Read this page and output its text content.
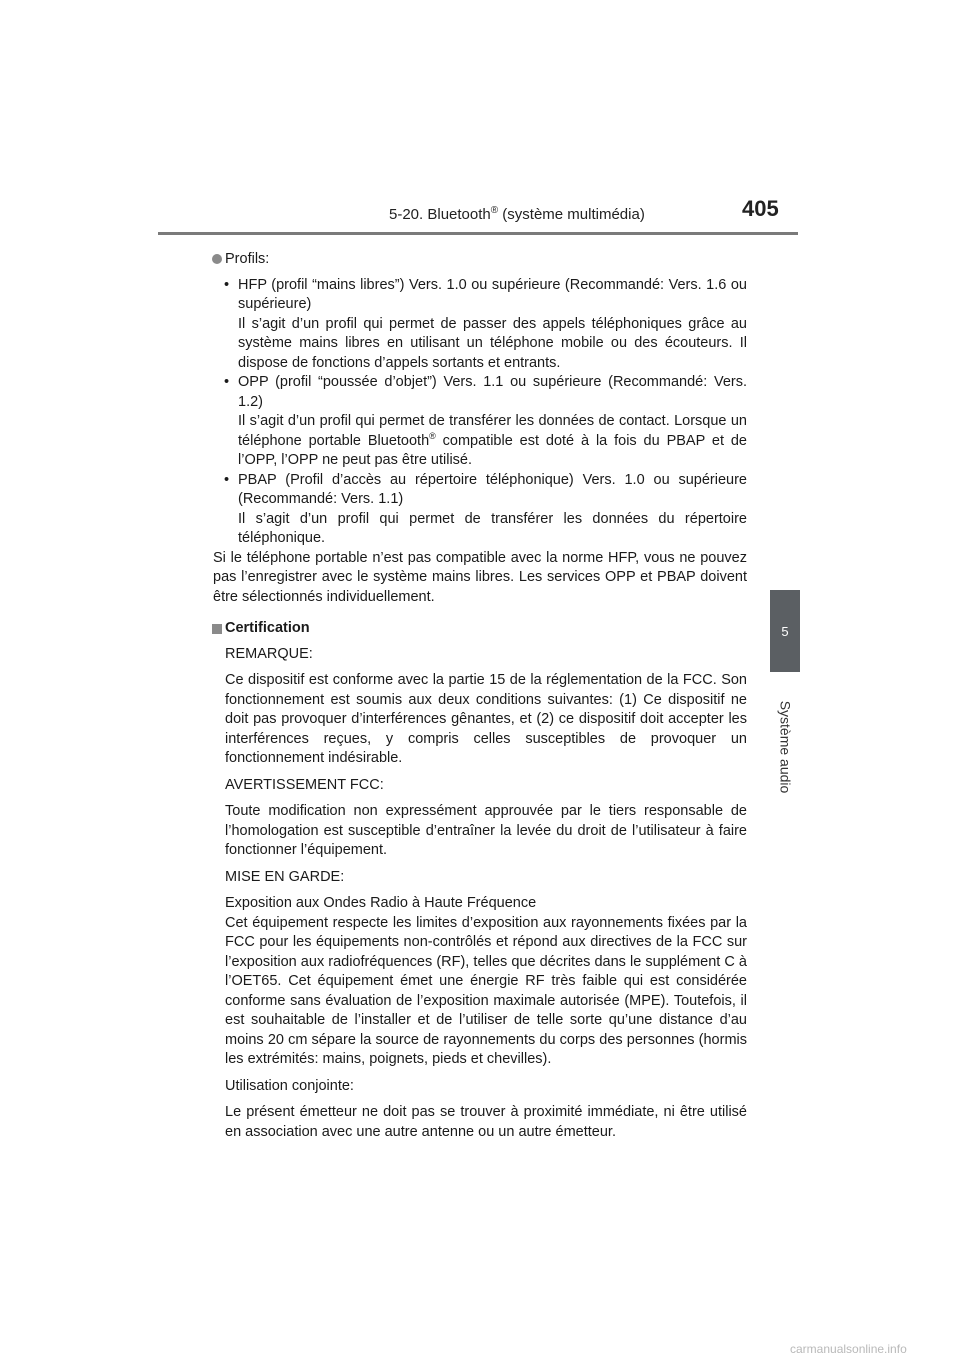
5-20. Bluetooth® (système multimédia)	405
5
Système audio
Profils:
• HFP (profil “mains libres”) Vers. 1.0 ou supérieure (Recommandé: Vers. 1.6 ou supérieure)

Il s’agit d’un profil qui permet de passer des appels téléphoniques grâce au système mains libres en utilisant un téléphone mobile ou des écouteurs. Il dispose de fonctions d’appels sortants et entrants.

• OPP (profil “poussée d’objet”) Vers. 1.1 ou supérieure (Recommandé: Vers. 1.2)

Il s’agit d’un profil qui permet de transférer les données de contact. Lorsque un téléphone portable Bluetooth® compatible est doté à la fois du PBAP et de l’OPP, l’OPP ne peut pas être utilisé.

• PBAP (Profil d’accès au répertoire téléphonique) Vers. 1.0 ou supérieure (Recommandé: Vers. 1.1)

Il s’agit d’un profil qui permet de transférer les données du répertoire téléphonique.

Si le téléphone portable n’est pas compatible avec la norme HFP, vous ne pouvez pas l’enregistrer avec le système mains libres. Les services OPP et PBAP doivent être sélectionnés individuellement.

Certification

REMARQUE:

Ce dispositif est conforme avec la partie 15 de la réglementation de la FCC. Son fonctionnement est soumis aux deux conditions suivantes: (1) Ce dispositif ne doit pas provoquer d’interférences gênantes, et (2) ce dispositif doit accepter les interférences reçues, y compris celles susceptibles de provoquer un fonctionnement indésirable.

AVERTISSEMENT FCC:

Toute modification non expressément approuvée par le tiers responsable de l’homologation est susceptible d’entraîner la levée du droit de l’utilisateur à faire fonctionner l’équipement.

MISE EN GARDE:

Exposition aux Ondes Radio à Haute Fréquence

Cet équipement respecte les limites d’exposition aux rayonnements fixées par la FCC pour les équipements non-contrôlés et répond aux directives de la FCC sur l’exposition aux radiofréquences (RF), telles que décrites dans le supplément C à l’OET65. Cet équipement émet une énergie RF très faible qui est considérée conforme sans évaluation de l’exposition maximale autorisée (MPE). Toutefois, il est souhaitable de l’installer et de l’utiliser de telle sorte qu’une distance d’au moins 20 cm sépare la source de rayonnements du corps des personnes (hormis les extrémités: mains, poignets, pieds et chevilles).

Utilisation conjointe:

Le présent émetteur ne doit pas se trouver à proximité immédiate, ni être utilisé en association avec une autre antenne ou un autre émetteur.

carmanualsonline.info
